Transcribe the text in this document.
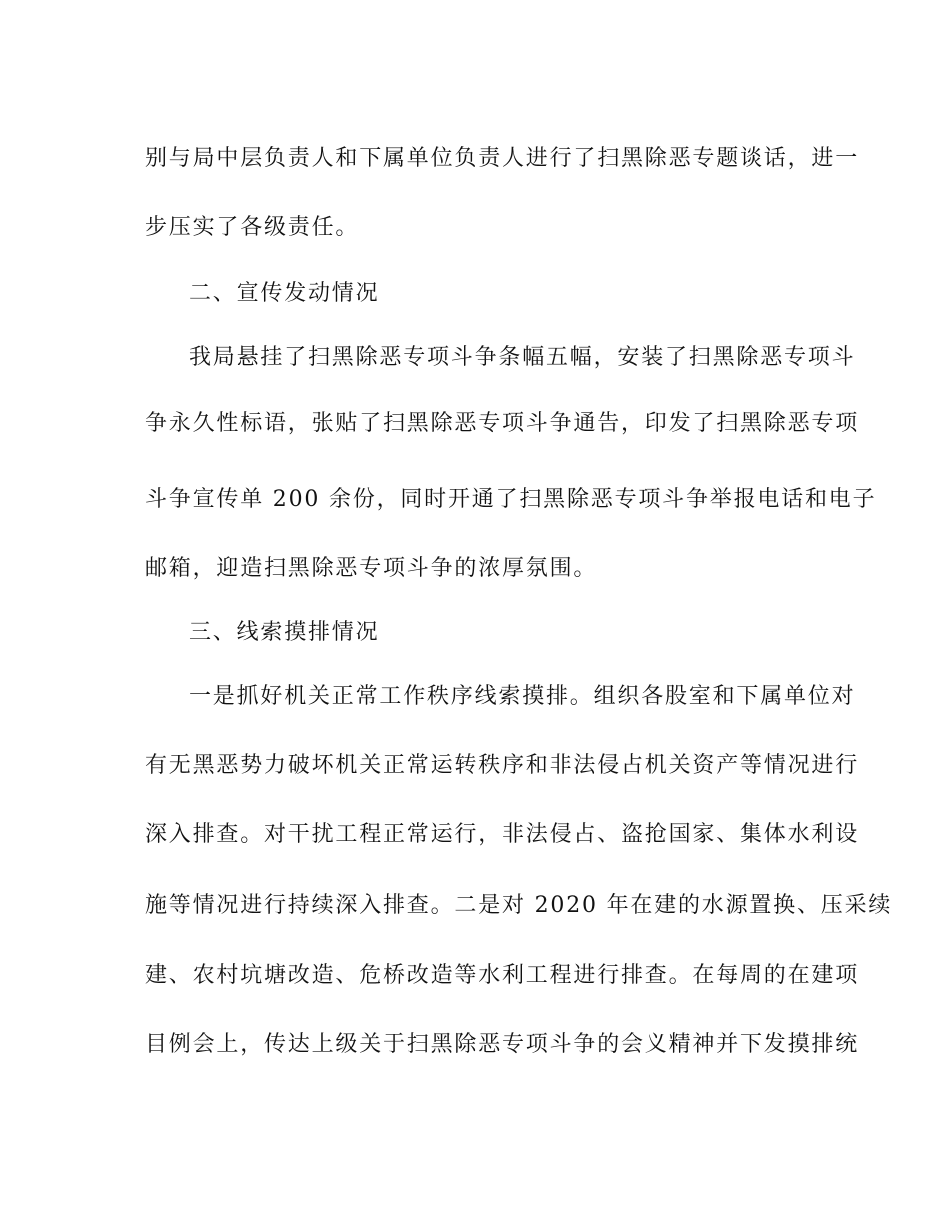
别与局中层负责人和下属单位负责人进行了扫黑除恶专题谈话，进一
步压实了各级责任。
二、宣传发动情况
我局悬挂了扫黑除恶专项斗争条幅五幅，安装了扫黑除恶专项斗
争永久性标语，张贴了扫黑除恶专项斗争通告，印发了扫黑除恶专项
斗争宣传单 200 余份，同时开通了扫黑除恶专项斗争举报电话和电子
邮箱，迎造扫黑除恶专项斗争的浓厚氛围。
三、线索摸排情况
一是抓好机关正常工作秩序线索摸排。组织各股室和下属单位对
有无黑恶势力破坏机关正常运转秩序和非法侵占机关资产等情况进行
深入排查。对干扰工程正常运行，非法侵占、盗抢国家、集体水利设
施等情况进行持续深入排查。二是对 2020 年在建的水源置换、压采续
建、农村坑塘改造、危桥改造等水利工程进行排查。在每周的在建项
目例会上，传达上级关于扫黑除恶专项斗争的会义精神并下发摸排统
